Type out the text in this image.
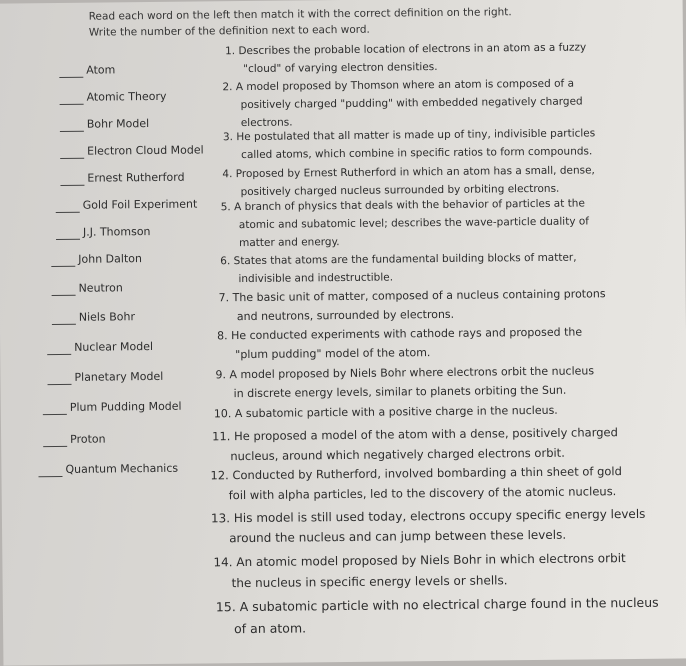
Read each word on the left then match it with the correct definition on the right.
Write the number of the definition next to each word.
Atom
Atomic Theory
Bohr Model
Electron Cloud Model
Ernest Rutherford
Gold Foil Experiment
J.J. Thomson
John Dalton
Neutron
Niels Bohr
Nuclear Model
Planetary Model
Plum Pudding Model
Proton
Quantum Mechanics
1. Describes the probable location of electrons in an atom as a fuzzy
"cloud" of varying electron densities.
2. A model proposed by Thomson where an atom is composed of a
positively charged "pudding" with embedded negatively charged
electrons.
3. He postulated that all matter is made up of tiny, indivisible particles
called atoms, which combine in specific ratios to form compounds.
4. Proposed by Ernest Rutherford in which an atom has a small, dense,
positively charged nucleus surrounded by orbiting electrons.
5. A branch of physics that deals with the behavior of particles at the
atomic and subatomic level; describes the wave-particle duality of
matter and energy.
6. States that atoms are the fundamental building blocks of matter,
indivisible and indestructible.
7. The basic unit of matter, composed of a nucleus containing protons
and neutrons, surrounded by electrons.
8. He conducted experiments with cathode rays and proposed the
"plum pudding" model of the atom.
9. A model proposed by Niels Bohr where electrons orbit the nucleus
in discrete energy levels, similar to planets orbiting the Sun.
10. A subatomic particle with a positive charge in the nucleus.
11. He proposed a model of the atom with a dense, positively charged
nucleus, around which negatively charged electrons orbit.
12. Conducted by Rutherford, involved bombarding a thin sheet of gold
foil with alpha particles, led to the discovery of the atomic nucleus.
13. His model is still used today, electrons occupy specific energy levels
around the nucleus and can jump between these levels.
14. An atomic model proposed by Niels Bohr in which electrons orbit
the nucleus in specific energy levels or shells.
15. A subatomic particle with no electrical charge found in the nucleus
of an atom.
